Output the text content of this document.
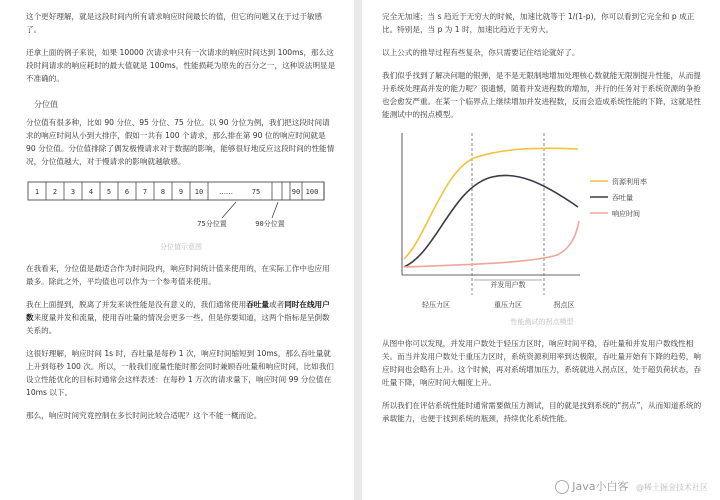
这个更好理解，就是这段时间内所有请求响应时间最长的值，但它的问题又在于过于敏感了。

还拿上面的例子来说，如果 10000 次请求中只有一次请求的响应时间达到 100ms，那么这段时间请求的响应耗时的最大值就是 100ms，性能损耗为原先的百分之一，这种说法明显是不准确的。

分位值

分位值有很多种，比如 90 分位、95 分位、75 分位。以 90 分位为例，我们把这段时间请求的响应时间从小到大排序，假如一共有 100 个请求，那么排在第 90 位的响应时间就是 90 分位值。分位值排除了偶发极慢请求对于数据的影响，能够很好地反应这段时间的性能情况，分位值越大，对于慢请求的影响就越敏感。

1 2 3 4 5 6 7 8 9 10	75	90 100
……
75分位置	90分位置
分位值示意图

在我看来，分位值是最适合作为时间段内，响应时间统计值来使用的，在实际工作中也应用最多。除此之外，平均值也可以作为一个参考值来使用。

我在上面提到，脱离了并发来谈性能是没有意义的，我们通常使用吞吐量或者同时在线用户数来度量并发和流量，使用吞吐量的情况会更多一些。但是你要知道，这两个指标是呈倒数关系的。

这很好理解，响应时间 1s 时，吞吐量是每秒 1 次，响应时间缩短到 10ms，那么吞吐量就上升到每秒 100 次。所以，一般我们度量性能时都会同时兼顾吞吐量和响应时间，比如我们设立性能优化的目标时通常会这样表述：在每秒 1 万次的请求量下，响应时间 99 分位值在 10ms 以下。

那么，响应时间究竟控制在多长时间比较合适呢？这个不能一概而论。

完全无加速；当 s 趋近于无穷大的时候，加速比就等于 1/(1-p)，你可以看到它完全和 p 成正比。特别是，当 p 为 1 时，加速比趋近于无穷大。

以上公式的推导过程有些复杂，你只需要记住结论就好了。

我们似乎找到了解决问题的银弹，是不是无限制地增加处理核心数就能无限制提升性能，从而提升系统处理高并发的能力呢？很遗憾，随着并发进程数的增加，并行的任务对于系统资源的争抢也会愈发严重。在某一个临界点上继续增加并发进程数，反而会造成系统性能的下降，这就是性能测试中的拐点模型。

资源利用率
吞吐量
响应时间
并发用户数
轻压力区	重压力区	拐点区
性能测试的拐点模型

从图中你可以发现，并发用户数处于轻压力区时，响应时间平稳，吞吐量和并发用户数线性相关。而当并发用户数处于重压力区时，系统资源利用率到达极限，吞吐量开始有下降的趋势，响应时间也会略有上升。这个时候，再对系统增加压力，系统就进入拐点区，处于超负荷状态，吞吐量下降，响应时间大幅度上升。

所以我们在评估系统性能时通常需要做压力测试，目的就是找到系统的“拐点”，从而知道系统的承载能力，也便于找到系统的瓶颈，持续优化系统性能。

Java小白客 @稀土掘金技术社区
